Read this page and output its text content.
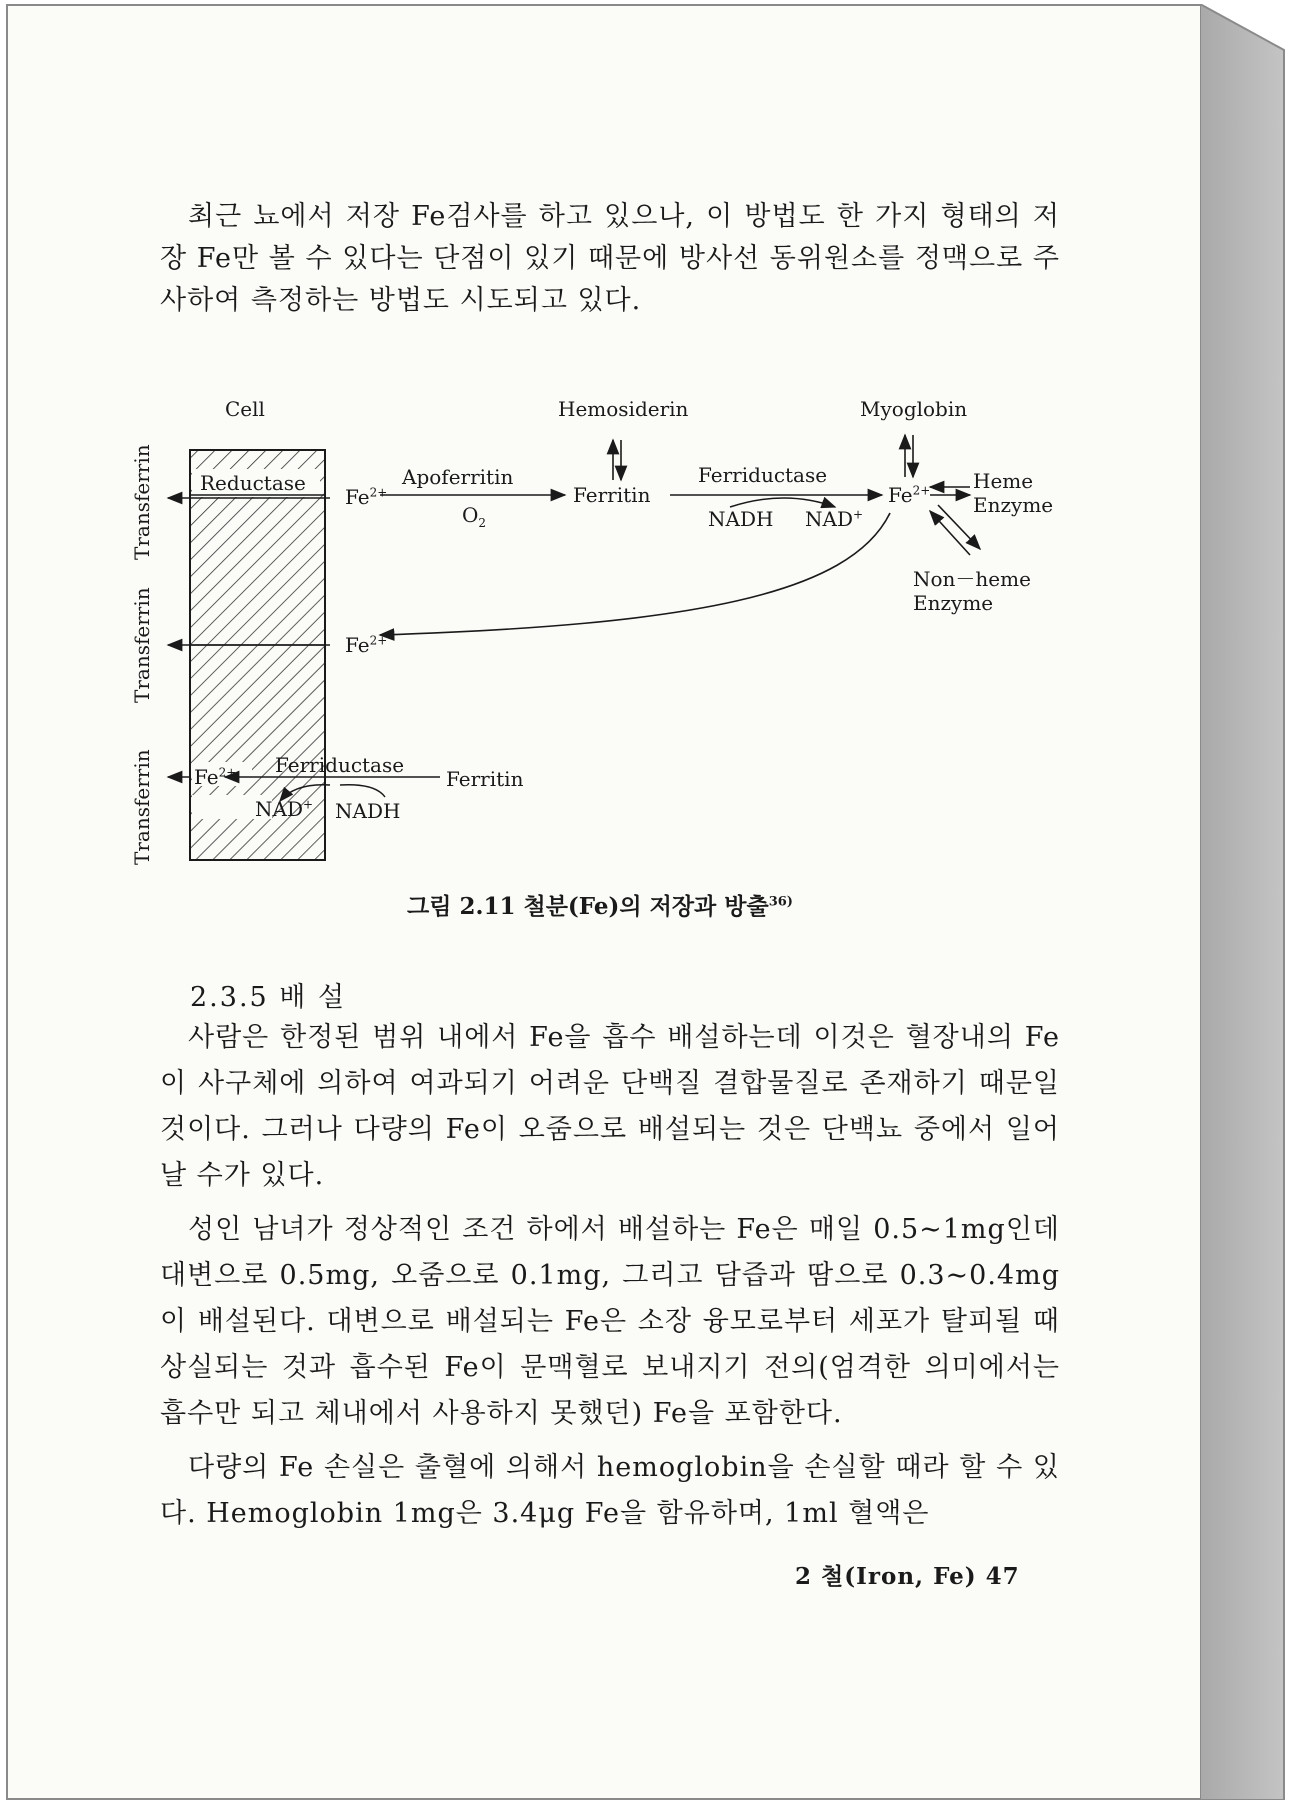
최근 뇨에서 저장 Fe검사를 하고 있으나, 이 방법도 한 가지 형태의 저장 Fe만 볼 수 있다는 단점이 있기 때문에 방사선 동위원소를 정맥으로 주사하여 측정하는 방법도 시도되고 있다.

Cell
Reductase
$Fe^{2+}$
$Fe^{2+}$
$Fe^{2+}$
Apoferritin
$O_2$
Ferritin
Hemosiderin
Ferriductase
NADH NAD+
$Fe^{2+}$
Myoglobin
Heme Enzyme
Non－heme Enzyme
Ferriductase
Ferritin
NAD+ NADH
Transferrin
Transferrin
Transferrin
그림 2.11 철분(Fe)의 저장과 방출$^{36)}$
2.3.5 배 설

사람은 한정된 범위 내에서 Fe을 흡수 배설하는데 이것은 혈장내의 Fe이 사구체에 의하여 여과되기 어려운 단백질 결합물질로 존재하기 때문일 것이다. 그러나 다량의 Fe이 오줌으로 배설되는 것은 단백뇨 중에서 일어날 수가 있다.

성인 남녀가 정상적인 조건 하에서 배설하는 Fe은 매일 0.5∼1mg인데 대변으로 0.5mg, 오줌으로 0.1mg, 그리고 담즙과 땀으로 0.3∼0.4mg이 배설된다. 대변으로 배설되는 Fe은 소장 융모로부터 세포가 탈피될 때 상실되는 것과 흡수된 Fe이 문맥혈로 보내지기 전의(엄격한 의미에서는 흡수만 되고 체내에서 사용하지 못했던) Fe을 포함한다.

다량의 Fe 손실은 출혈에 의해서 hemoglobin을 손실할 때라 할 수 있다. Hemoglobin 1mg은 3.4μg Fe을 함유하며, 1ml 혈액은

2 철(Iron, Fe) 47
